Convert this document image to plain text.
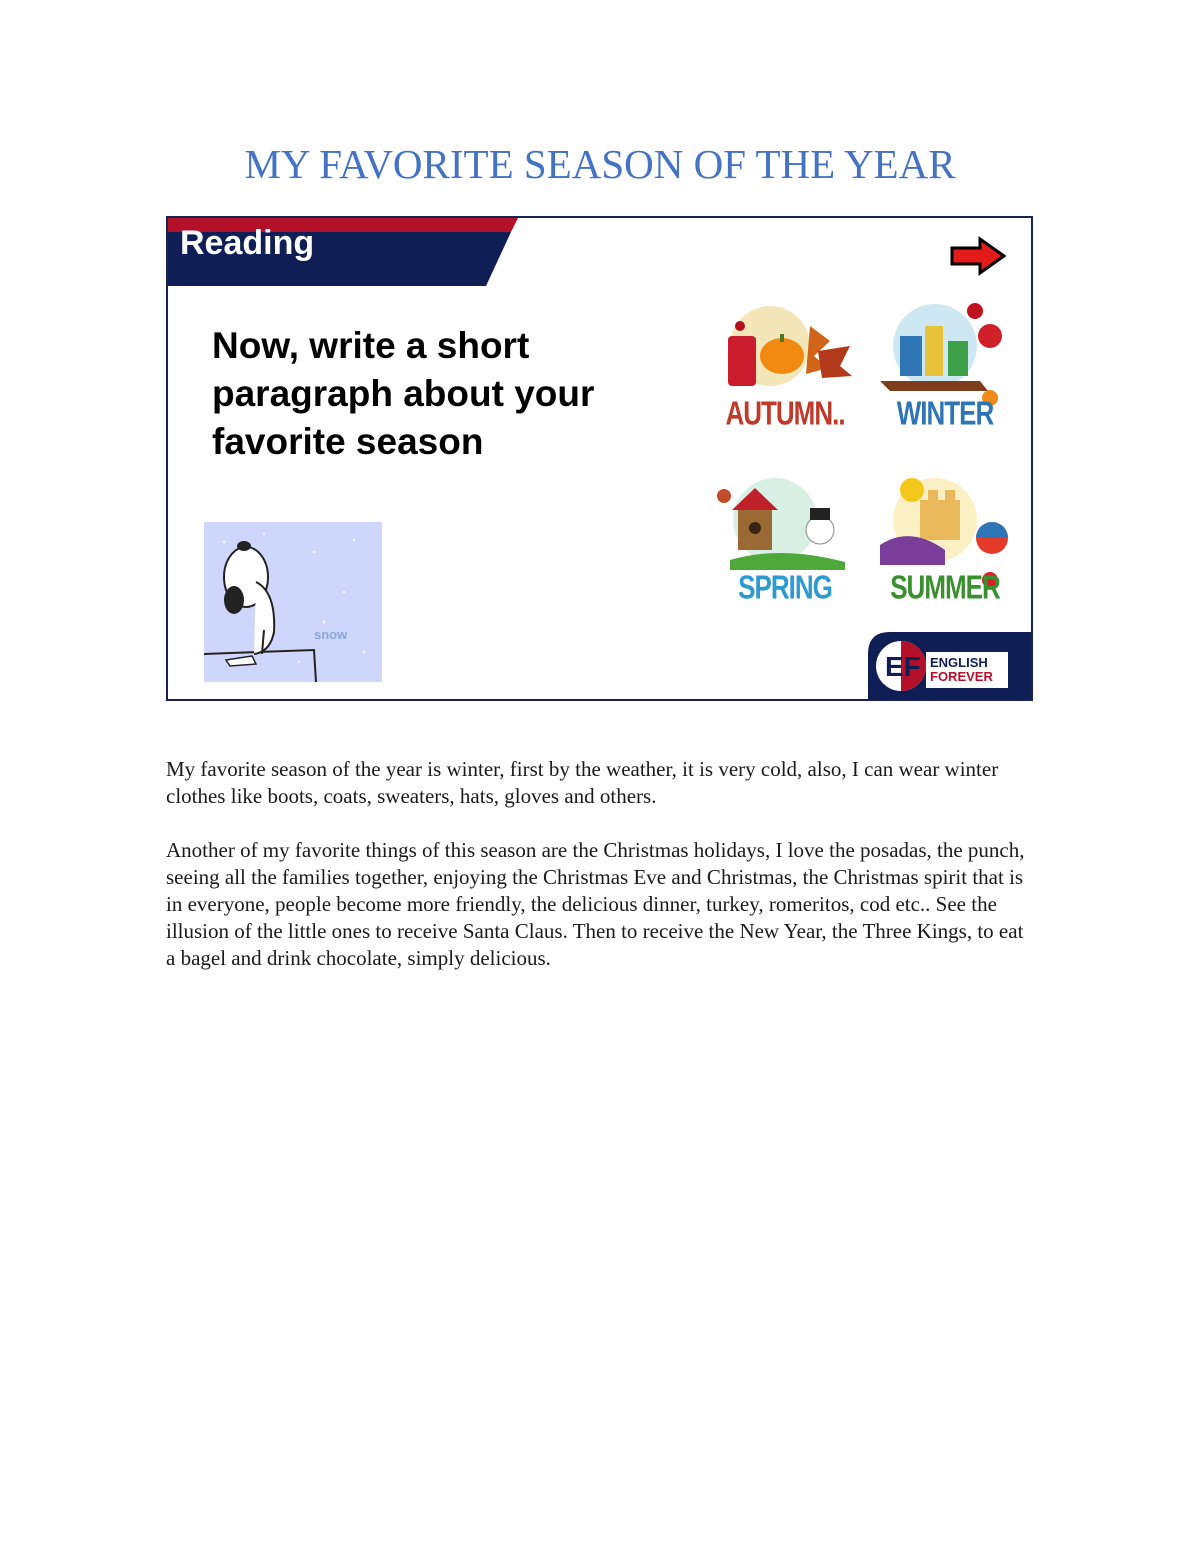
MY FAVORITE SEASON OF THE YEAR
Reading
Now, write a short paragraph about your favorite season
snow
AUTUMN..	WINTER
SPRING	SUMMER
EF ENGLISH
FOREVER

My favorite season of the year is winter, first by the weather, it is very cold, also, I can wear winter clothes like boots, coats, sweaters, hats, gloves and others.

Another of my favorite things of this season are the Christmas holidays, I love the posadas, the punch, seeing all the families together, enjoying the Christmas Eve and Christmas, the Christmas spirit that is in everyone, people become more friendly, the delicious dinner, turkey, romeritos, cod etc.. See the illusion of the little ones to receive Santa Claus. Then to receive the New Year, the Three Kings, to eat a bagel and drink chocolate, simply delicious.
